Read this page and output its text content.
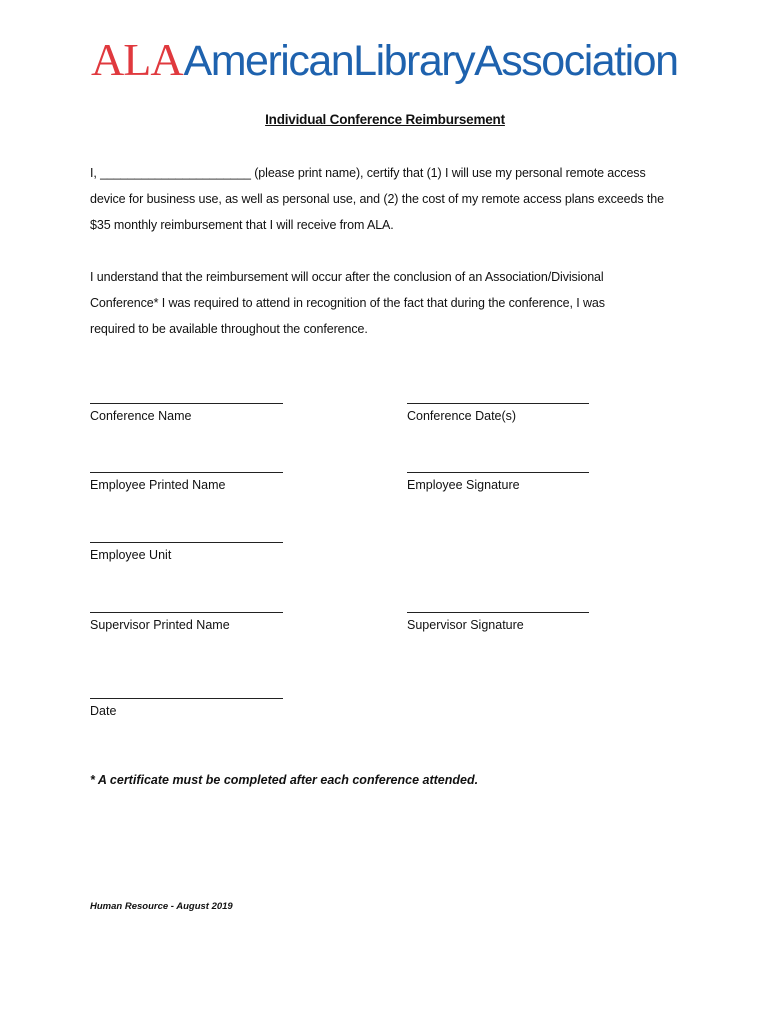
ALAAmericanLibraryAssociation
Individual Conference Reimbursement

I, ______________________ (please print name), certify that (1) I will use my personal remote access

device for business use, as well as personal use, and (2) the cost of my remote access plans exceeds the

$35 monthly reimbursement that I will receive from ALA.

I understand that the reimbursement will occur after the conclusion of an Association/Divisional

Conference* I was required to attend in recognition of the fact that during the conference, I was

required to be available throughout the conference.

Conference Name	Conference Date(s)
Employee Printed Name	Employee Signature
Employee Unit
Supervisor Printed Name	Supervisor Signature
Date
* A certificate must be completed after each conference attended.
Human Resource - August 2019
